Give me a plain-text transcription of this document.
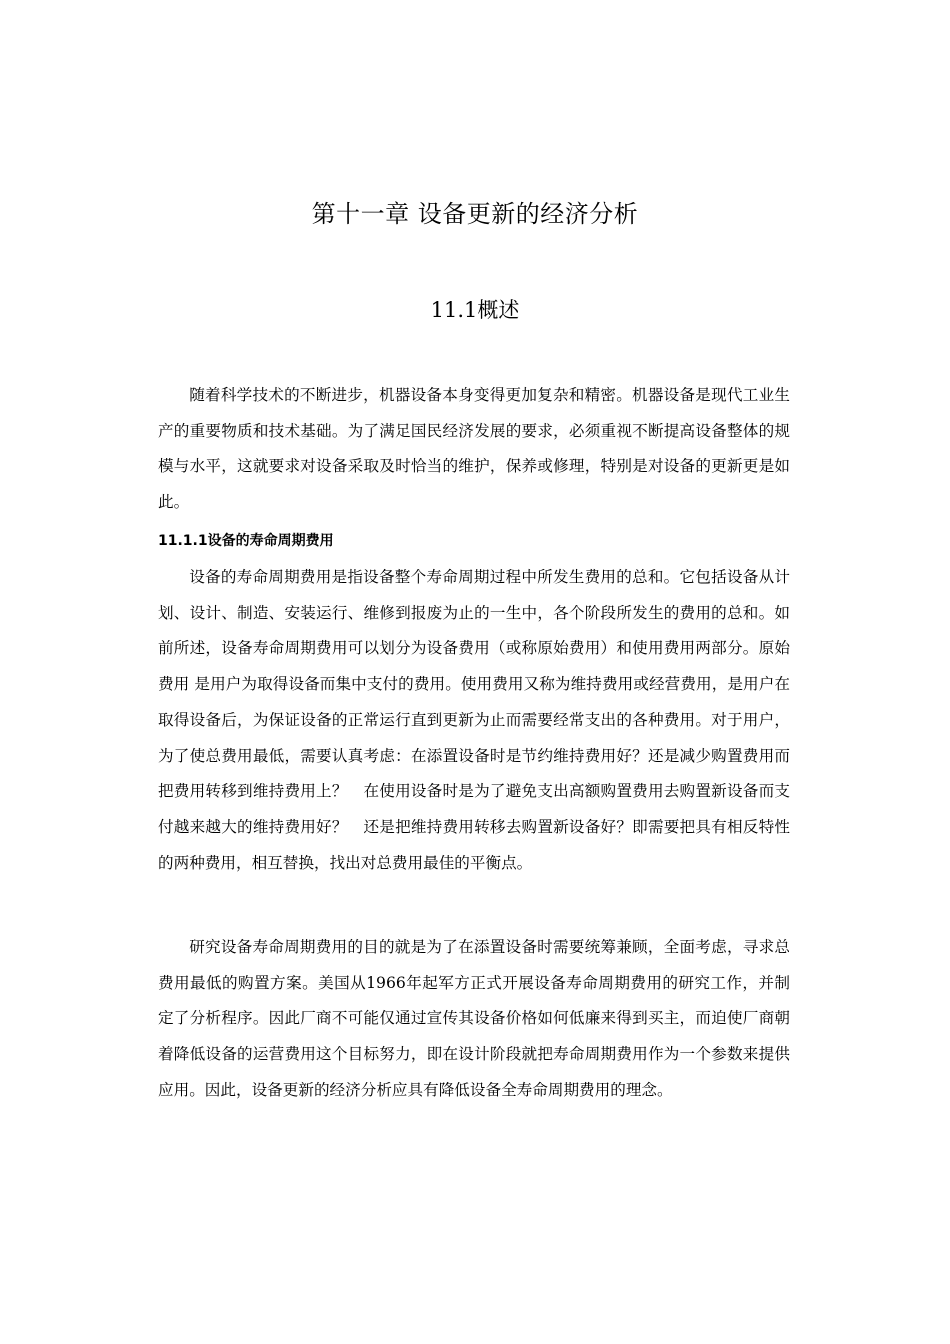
第十一章 设备更新的经济分析
11.1概述

随着科学技术的不断进步，机器设备本身变得更加复杂和精密。机器设备是现代工业生产的重要物质和技术基础。为了满足国民经济发展的要求，必须重视不断提高设备整体的规模与水平，这就要求对设备采取及时恰当的维护，保养或修理，特别是对设备的更新更是如此。

11.1.1设备的寿命周期费用

设备的寿命周期费用是指设备整个寿命周期过程中所发生费用的总和。它包括设备从计划、设计、制造、安装运行、维修到报废为止的一生中，各个阶段所发生的费用的总和。如前所述，设备寿命周期费用可以划分为设备费用（或称原始费用）和使用费用两部分。原始费用 是用户为取得设备而集中支付的费用。使用费用又称为维持费用或经营费用，是用户在取得设备后，为保证设备的正常运行直到更新为止而需要经常支出的各种费用。对于用户，为了使总费用最低，需要认真考虑：在添置设备时是节约维持费用好？还是减少购置费用而把费用转移到维持费用上？　在使用设备时是为了避免支出高额购置费用去购置新设备而支付越来越大的维持费用好？　还是把维持费用转移去购置新设备好？即需要把具有相反特性的两种费用，相互替换，找出对总费用最佳的平衡点。

研究设备寿命周期费用的目的就是为了在添置设备时需要统筹兼顾，全面考虑，寻求总费用最低的购置方案。美国从1966年起军方正式开展设备寿命周期费用的研究工作，并制定了分析程序。因此厂商不可能仅通过宣传其设备价格如何低廉来得到买主，而迫使厂商朝着降低设备的运营费用这个目标努力，即在设计阶段就把寿命周期费用作为一个参数来提供应用。因此，设备更新的经济分析应具有降低设备全寿命周期费用的理念。
